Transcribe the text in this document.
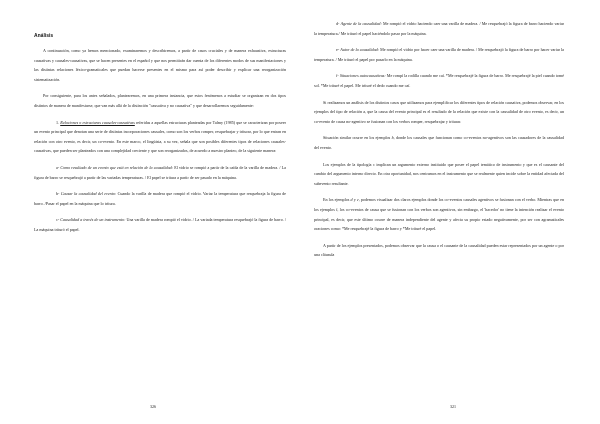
Análisis

A continuación, como ya hemos mencionado, examinaremos y describiremos, a partir de casos cruciales y de manera exhaustiva, estructuras causativas y causales-causativas, que se hacen presentes en el español y que nos permitirán dar cuenta de los diferentes modos de sus manifestaciones y las distintas relaciones léxico-gramaticales que puedan hacerse presentes en el mismo para así poder describir y explicar una reorganización sistematización.

Por consiguiente, para los antes señalados, plantearemos, en una primera instancia, que estos fenómenos a estudiar se organizan en dos tipos distintos de manera de manifestarse, que van más allá de la distinción "causativa y no causativa" y que desarrollaremos seguidamente:

1. Relaciones o estructuras causales-causativas referidas a aquellas estructuras planteadas por Talmy (1985) que se caracterizan por poseer un evento principal que denotan una serie de distintas incorporaciones causales, como son los verbos romper, resquebrajar y triturar, por lo que entran en relación con otro evento, es decir, un co-evento. En este marco, el lingüista, a su vez, señala que son posibles diferentes tipos de relaciones causales-causativas, que pueden ser planteados con una complejidad creciente y que son reorganizados, de acuerdo a nuestro planteo, de la siguiente manera:

a- Como resultado de un evento que está en relación de la causalidad: El vidrio se rompió a partir de la caída de la varilla de madera. / La figura de barro se resquebrajó a partir de las variadas temperaturas. / El papel se tritura a partir de ser pasado en la máquina.

b- Causar la causalidad del evento: Cuando la varilla de madera que rompió el vidrio. Variar la temperatura que resquebraja la figura de barro. /Pasar el papel en la máquina que lo tritura.

c- Causalidad a través de un instrumento: Una varilla de madera rompió el vidrio. / La variada temperatura resquebrajó la figura de barro. / La máquina trituró el papel.

326

d- Agente de la causalidad: Me rompió el vidrio haciendo caer una varilla de madera. / Me resquebrajó la figura de barro haciendo variar la temperatura./ Me trituró el papel haciéndolo pasar por la máquina.

e- Autor de la causalidad: Me rompió el vidrio por hacer caer una varilla de madera. / Me resquebrajó la figura de barro por hacer variar la temperatura. / Me trituró el papel por pasarlo en la máquina.

f- Situaciones autocausativas: Me rompí la rodilla cuando me caí. *Me resquebrajé la figura de barro. Me resquebrajé la piel cuando tomé sol. *Me trituré el papel. Me trituré el dedo cuando me caí.

Si realizamos un análisis de los distintos casos que utilizamos para ejemplificar los diferentes tipos de relación causativa, podemos observar, en los ejemplos del tipo de relación a, que la causa del evento principal es el resultado de la relación que existe con la causalidad de otro evento, es decir, un co-evento de causa no-agentivo se fusionan con los verbos romper, resquebrajar y triturar.

Situación similar ocurre en los ejemplos b, donde los causales que funcionan como co-eventos no-agentivos son las causadores de la causalidad del evento.

Los ejemplos de la tipología c implican un argumento externo instituido que posee el papel temático de instrumento y que es el causante del cambio del argumento interno directo. En otra oportunidad, nos centramos en el instrumento que se realmente quien incide sobre la entidad afectada del subevento resultante.

En los ejemplos d y e, podemos visualizar dos claros ejemplos donde los co-eventos causales agentivos se fusionan con el verbo. Mientras que en los ejemplos f, los co-eventos de causa que se fusionan con los verbos son agentivos, sin embargo, el 'hacedor' no tiene la intención realizar el evento principal, es decir, que este último ocurre de manera independiente del agente y afecta su propio estado negativamente, por ser con agramaticales oraciones como: *Me resquebrajé la figura de barro y *Me trituré el papel.

A partir de los ejemplos presentados, podemos observar que la causa o el causante de la causalidad pueden estar representados por un agente o por una cláusula

321
